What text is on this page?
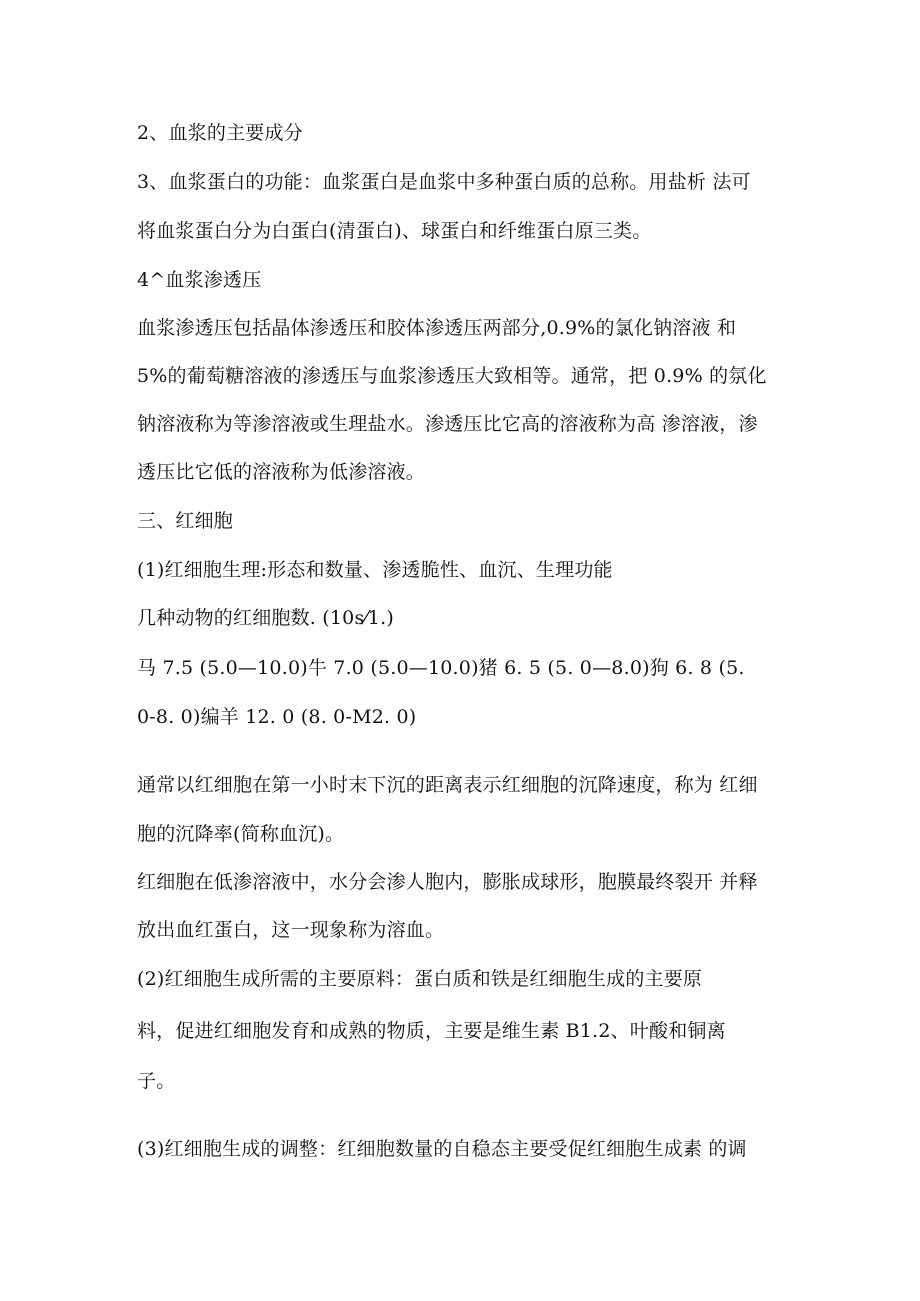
2、血浆的主要成分
3、血浆蛋白的功能：血浆蛋白是血浆中多种蛋白质的总称。用盐析 法可
将血浆蛋白分为白蛋白(清蛋白)、球蛋白和纤维蛋白原三类。
4^血浆渗透压
血浆渗透压包括晶体渗透压和胶体渗透压两部分,0.9%的氯化钠溶液 和
5%的葡萄糖溶液的渗透压与血浆渗透压大致相等。通常，把 0.9% 的氛化
钠溶液称为等渗溶液或生理盐水。渗透压比它高的溶液称为高 渗溶液，渗
透压比它低的溶液称为低渗溶液。
三、红细胞
(1)红细胞生理:形态和数量、渗透脆性、血沉、生理功能
几种动物的红细胞数. (10s⁄1.)
马 7.5 (5.0—10.0)牛 7.0 (5.0—10.0)猪 6. 5 (5. 0—8.0)狗 6. 8 (5.
0-8. 0)编羊 12. 0 (8. 0-M2. 0)
通常以红细胞在第一小时末下沉的距离表示红细胞的沉降速度，称为 红细
胞的沉降率(简称血沉)。
红细胞在低渗溶液中，水分会渗人胞内，膨胀成球形，胞膜最终裂开 并释
放出血红蛋白，这一现象称为溶血。
(2)红细胞生成所需的主要原料：蛋白质和铁是红细胞生成的主要原
料，促进红细胞发育和成熟的物质，主要是维生素 B1.2、叶酸和铜离
子。
(3)红细胞生成的调整：红细胞数量的自稳态主要受促红细胞生成素 的调
